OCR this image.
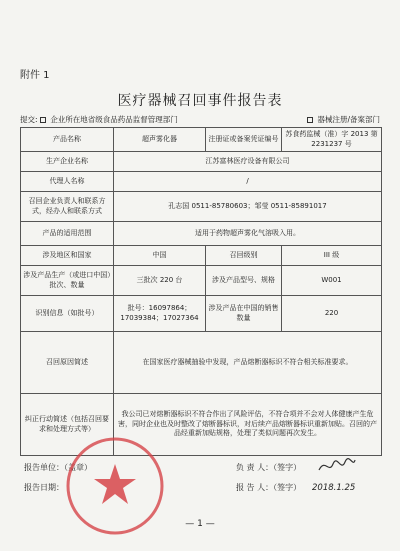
附件 1
医疗器械召回事件报告表
提交: 企业所在地省级食品药品监督管理部门	器械注册/备案部门
产品名称	超声雾化器	注册证或备案凭证编号	苏食药监械（准）字 2013 第 2231237 号
生产企业名称	江苏富林医疗设备有限公司		
代理人名称	/		
召回企业负责人和联系方式，经办人和联系方式	孔志国 0511-85780603；邹莹 0511-85891017		
产品的适用范围	适用于药物超声雾化气溶吸入用。		
涉及地区和国家	中国	召回级别	III 级
涉及产品生产（或进口中国）批次、数量	三批次 220 台	涉及产品型号、规格	W001
识别信息（如批号）	批号：16097864；17039384；17027364	涉及产品在中国的销售数量	220
召回原因简述	在国家医疗器械抽验中发现，产品熔断器标识不符合相关标准要求。		
纠正行动简述（包括召回要求和处理方式等）	我公司已对熔断器标识不符合作出了风险评估，不符合项并不会对人体健康产生危害，同时企业也及时整改了熔断器标识，对后续产品熔断器标识重新加贴。召回的产品经重新加贴规格，处理了类似问题再次发生。		
报告单位：（盖章）	负 责 人：（签字）
报告日期：	报 告 人：（签字） 2018.1.25
— 1 —
